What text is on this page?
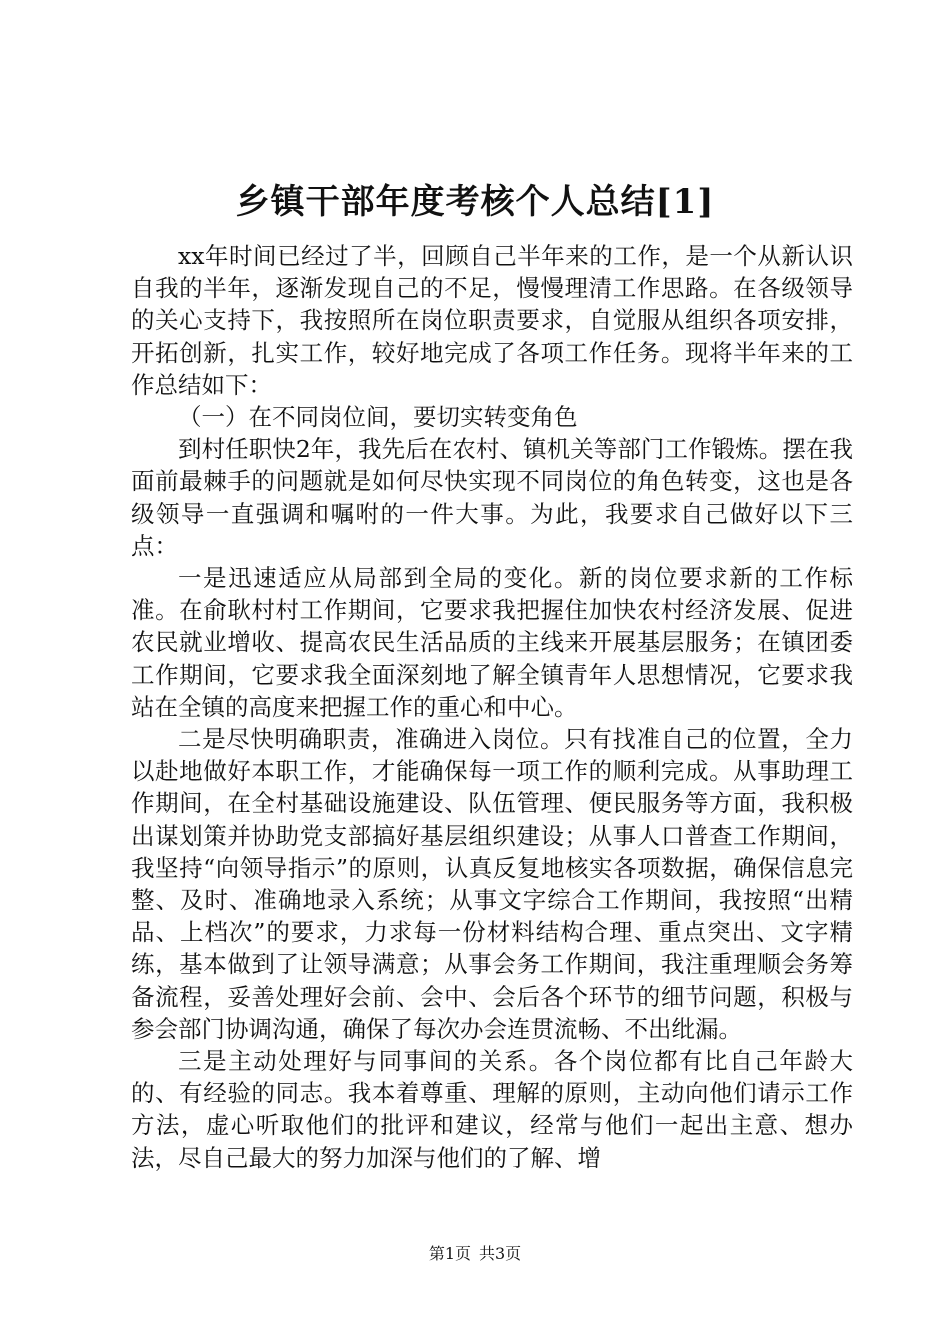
乡镇干部年度考核个人总结[1]

xx年时间已经过了半，回顾自己半年来的工作，是一个从新认识自我的半年，逐渐发现自己的不足，慢慢理清工作思路。在各级领导的关心支持下，我按照所在岗位职责要求，自觉服从组织各项安排，开拓创新，扎实工作，较好地完成了各项工作任务。现将半年来的工作总结如下：

（一）在不同岗位间，要切实转变角色

到村任职快2年，我先后在农村、镇机关等部门工作锻炼。摆在我面前最棘手的问题就是如何尽快实现不同岗位的角色转变，这也是各级领导一直强调和嘱咐的一件大事。为此，我要求自己做好以下三点：

一是迅速适应从局部到全局的变化。新的岗位要求新的工作标准。在俞耿村村工作期间，它要求我把握住加快农村经济发展、促进农民就业增收、提高农民生活品质的主线来开展基层服务；在镇团委工作期间，它要求我全面深刻地了解全镇青年人思想情况，它要求我站在全镇的高度来把握工作的重心和中心。

二是尽快明确职责，准确进入岗位。只有找准自己的位置，全力以赴地做好本职工作，才能确保每一项工作的顺利完成。从事助理工作期间，在全村基础设施建设、队伍管理、便民服务等方面，我积极出谋划策并协助党支部搞好基层组织建设；从事人口普查工作期间，我坚持“向领导指示”的原则，认真反复地核实各项数据，确保信息完整、及时、准确地录入系统；从事文字综合工作期间，我按照“出精品、上档次”的要求，力求每一份材料结构合理、重点突出、文字精练，基本做到了让领导满意；从事会务工作期间，我注重理顺会务筹备流程，妥善处理好会前、会中、会后各个环节的细节问题，积极与参会部门协调沟通，确保了每次办会连贯流畅、不出纰漏。

三是主动处理好与同事间的关系。各个岗位都有比自己年龄大的、有经验的同志。我本着尊重、理解的原则，主动向他们请示工作方法，虚心听取他们的批评和建议，经常与他们一起出主意、想办法，尽自己最大的努力加深与他们的了解、增

第1页 共3页
